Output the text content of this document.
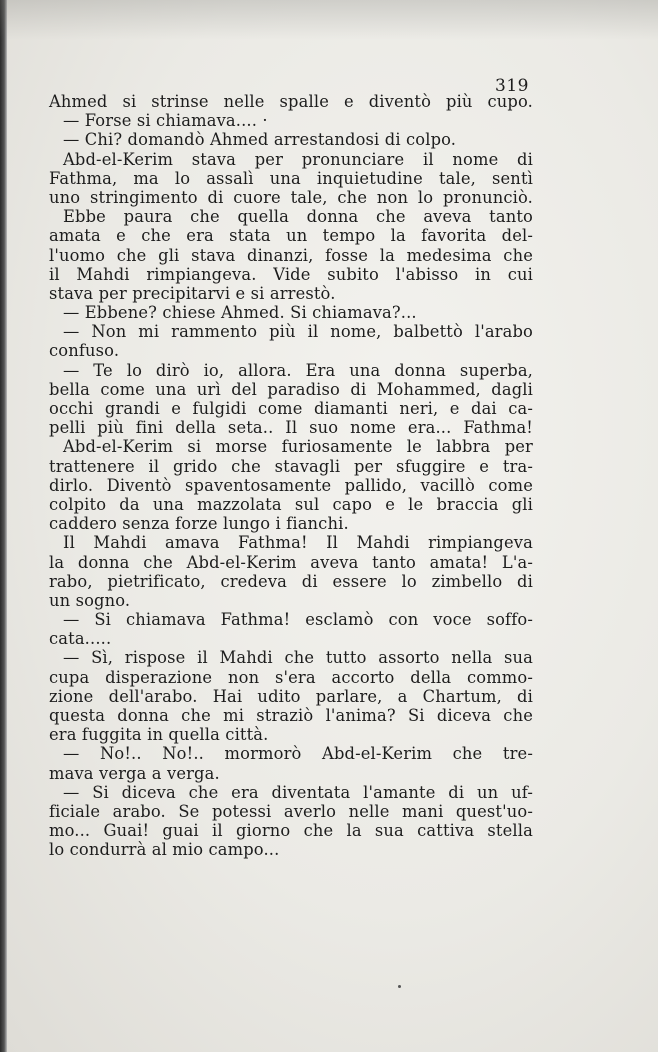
319
Ahmed si strinse nelle spalle e diventò più cupo.
— Forse si chiamava.... ·
— Chi? domandò Ahmed arrestandosi di colpo.
Abd-el-Kerim stava per pronunciare il nome di
Fathma, ma lo assalì una inquietudine tale, sentì
uno stringimento di cuore tale, che non lo pronunciò.
Ebbe paura che quella donna che aveva tanto
amata e che era stata un tempo la favorita del-
l'uomo che gli stava dinanzi, fosse la medesima che
il Mahdi rimpiangeva. Vide subito l'abisso in cui
stava per precipitarvi e si arrestò.
— Ebbene? chiese Ahmed. Si chiamava?...
— Non mi rammento più il nome, balbettò l'arabo
confuso.
— Te lo dirò io, allora. Era una donna superba,
bella come una urì del paradiso di Mohammed, dagli
occhi grandi e fulgidi come diamanti neri, e dai ca-
pelli più fini della seta.. Il suo nome era... Fathma!
Abd-el-Kerim si morse furiosamente le labbra per
trattenere il grido che stavagli per sfuggire e tra-
dirlo. Diventò spaventosamente pallido, vacillò come
colpito da una mazzolata sul capo e le braccia gli
caddero senza forze lungo i fianchi.
Il Mahdi amava Fathma! Il Mahdi rimpiangeva
la donna che Abd-el-Kerim aveva tanto amata! L'a-
rabo, pietrificato, credeva di essere lo zimbello di
un sogno.
— Si chiamava Fathma! esclamò con voce soffo-
cata.....
— Sì, rispose il Mahdi che tutto assorto nella sua
cupa disperazione non s'era accorto della commo-
zione dell'arabo. Hai udito parlare, a Chartum, di
questa donna che mi straziò l'anima? Si diceva che
era fuggita in quella città.
— No!.. No!.. mormorò Abd-el-Kerim che tre-
mava verga a verga.
— Si diceva che era diventata l'amante di un uf-
ficiale arabo. Se potessi averlo nelle mani quest'uo-
mo... Guai! guai il giorno che la sua cattiva stella
lo condurrà al mio campo...
